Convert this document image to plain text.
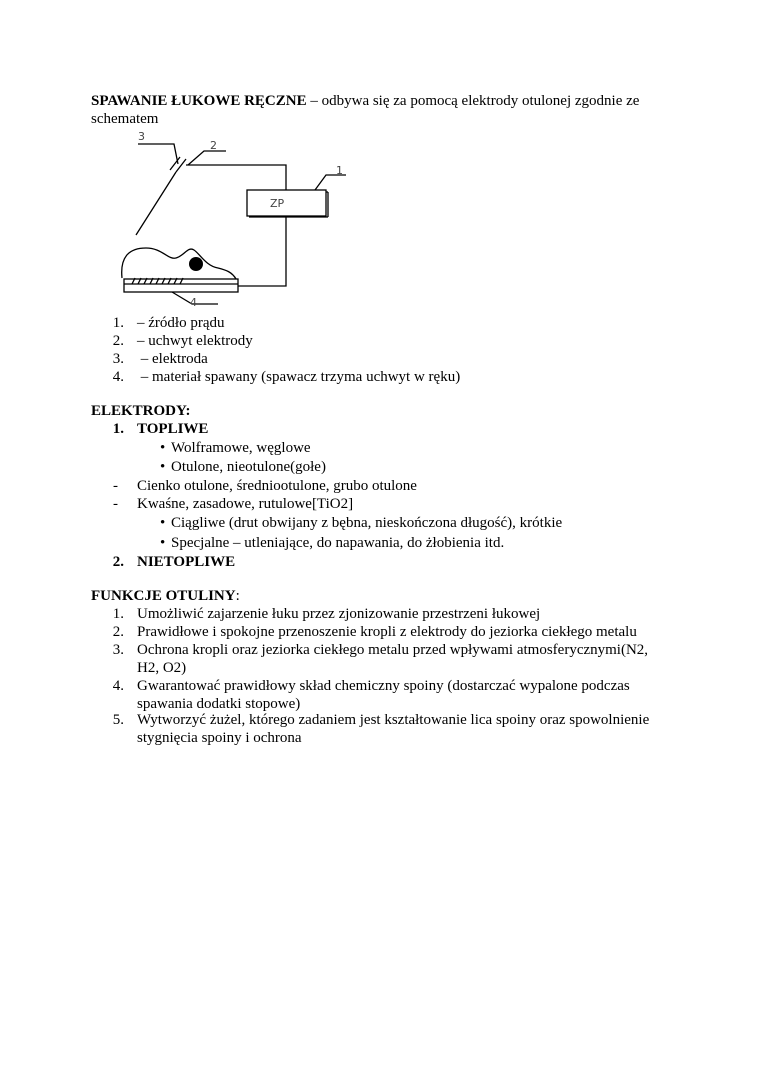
SPAWANIE ŁUKOWE RĘCZNE – odbywa się za pomocą elektrody otulonej zgodnie ze
schematem
ZP
1
2
3
4
1. – źródło prądu
2. – uchwyt elektrody
3. – elektroda
4. – materiał spawany (spawacz trzyma uchwyt w ręku)
ELEKTRODY:
1. TOPLIWE
• Wolframowe, węglowe
• Otulone, nieotulone(gołe)
- Cienko otulone, średniootulone, grubo otulone
- Kwaśne, zasadowe, rutulowe[TiO2]
• Ciągliwe (drut obwijany z bębna, nieskończona długość), krótkie
• Specjalne – utleniające, do napawania, do żłobienia itd.
2. NIETOPLIWE
FUNKCJE OTULINY:
1. Umożliwić zajarzenie łuku przez zjonizowanie przestrzeni łukowej
2. Prawidłowe i spokojne przenoszenie kropli z elektrody do jeziorka ciekłego metalu
3. Ochrona kropli oraz jeziorka ciekłego metalu przed wpływami atmosferycznymi(N2,
H2, O2)
4. Gwarantować prawidłowy skład chemiczny spoiny (dostarczać wypalone podczas
spawania dodatki stopowe)
5. Wytworzyć żużel, którego zadaniem jest kształtowanie lica spoiny oraz spowolnienie
stygnięcia spoiny i ochrona
